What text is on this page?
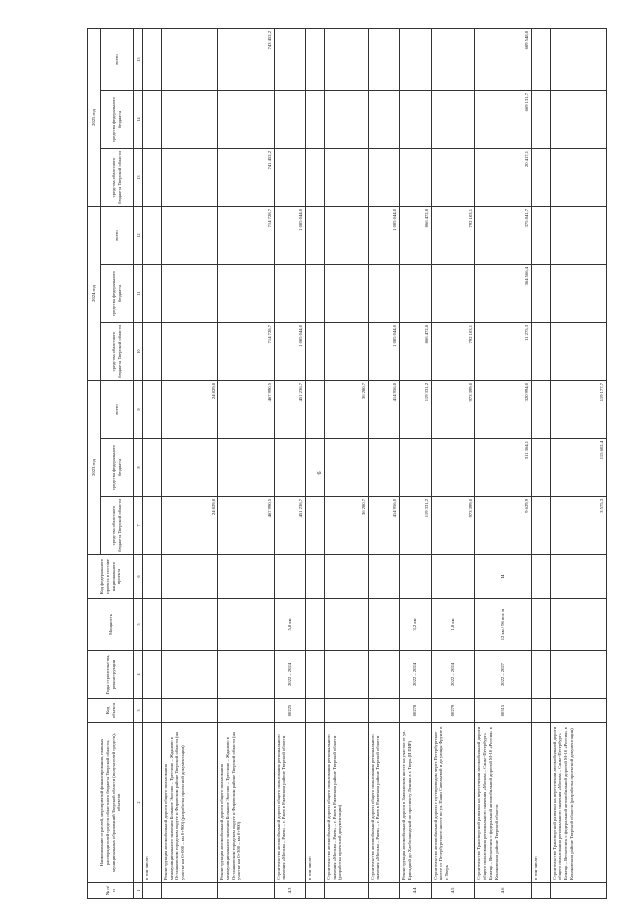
6
№ п/п	Наименование отраслей, мероприятий финансирования, главных распорядителей средств областного бюджета Тверской области, муниципальных образований Тверской области (получателей средств), объектов	Код объекта	Годы строительства, реконструкции	Мощность	Код федерального проекта в составе национального проекта	2023 год			2024 год			2025 год		
						средства областного бюджета Тверской области	средства федерального бюджета	всего	средства областного бюджета Тверской области	средства федерального бюджета	всего	средства областного бюджета Тверской области	средства федерального бюджета	всего
1	2	3	4	5	6	7	8	9	10	11	12	13	14	15
	в том числе:													
	Реконструкция автомобильной дороги общего пользования межмуниципального значения Большое Эштово – Трестино – Жданово в Осташковском городском округе и Фировском районе Тверской области (на участке км 0+000 – км 0+900) (разработка проектной документации)					24 829,8		24 829,8						
	Реконструкция автомобильной дороги общего пользования межмуниципального значения Большое Эштово – Трестино – Жданово в Осташковском городском округе и Фировском районе Тверской области (на участке км 0+300 – км 0+900)					467 990,5		467 990,5	714 728,7		714 728,7	741 452,2		743 452,2
4.3	Строительство автомобильной дороги общего пользования регионального значения «Москва – Ржев» – г. Ржев в Ржевском районе Тверской области	00225	2022 – 2024	5,8 км		451 236,7		451 236,7	1 085 044,0		1 085 044,0			
	в том числе:													
	Строительство автомобильной дороги общего пользования регионального значения «Москва – Ржев» – г. Ржев в Ржевском районе Тверской области (разработка проектной документации)					36 280,7		36 280,7						
	Строительство автомобильной дороги общего пользования регионального значения «Москва – Ржев» – г. Ржев в Ржевском районе Тверской области					414 956,0		414 956,0	1 085 044,0		1 085 044,0			
4.4	Реконструкция автомобильной дороги в Заволжском шоссе на участке от ул. Бригадной до Хлебозаводской по проспекту Ленина в г. Тверь (II ПИР)	00278	2022 – 2024	3,2 км		119 331,2		119 331,2	866 472,8		866 472,8			
4.5	Строительство автомобильной дороги с путепроводом через Петербургское шоссе от Петербургского шоссе по ул. Паши Савельевой и до улицы Фрунзе в г. Тверь	00279	2022 – 2024	1,8 км		973 399,0		973 399,0	792 103,1		792 103,1			
4.6	Строительство Транспортной развязки на пересечении автомобильной дороги общего пользования регионального значения «Москва – Санкт-Петербург» Бежецк – Весьегонск с федеральной автомобильной дорогой М-10 «Россия» в Конаковском районе Тверской области	00315	2022 – 2027	12 км / 96 пог. м	I4	9 629,9	311 364,1	320 994,0	11 275,3	364 566,4	375 841,7	20 417,1	669 131,7	689 548,8
	в том числе:													
	Строительство Транспортной развязки на пересечении автомобильной дороги общего пользования регионального значения «Москва – Санкт-Петербург» Бежецк – Весьегонск с федеральной автомобильной дорогой М-10 «Россия» в Конаковском районе Тверской области (разработка проектной документации)					3 575,3	115 602,4	119 177,7						
